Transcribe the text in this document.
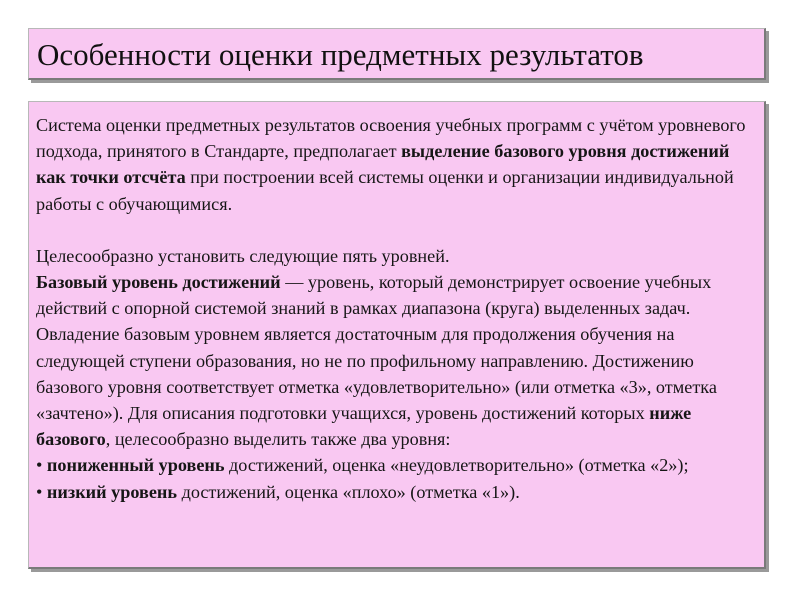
Особенности оценки предметных результатов

Система оценки предметных результатов освоения учебных программ с учётом уровневого подхода, принятого в Стандарте, предполагает выделение базового уровня достижений как точки отсчёта при построении всей системы оценки и организации индивидуальной работы с обучающимися.

Целесообразно установить следующие пять уровней.

Базовый уровень достижений — уровень, который демонстрирует освоение учебных действий с опорной системой знаний в рамках диапазона (круга) выделенных задач. Овладение базовым уровнем является достаточным для продолжения обучения на следующей ступени образования, но не по профильному направлению. Достижению базового уровня соответствует отметка «удовлетворительно» (или отметка «3», отметка «зачтено»). Для описания подготовки учащихся, уровень достижений которых ниже базового, целесообразно выделить также два уровня:

• пониженный уровень достижений, оценка «неудовлетворительно» (отметка «2»);

• низкий уровень достижений, оценка «плохо» (отметка «1»).
